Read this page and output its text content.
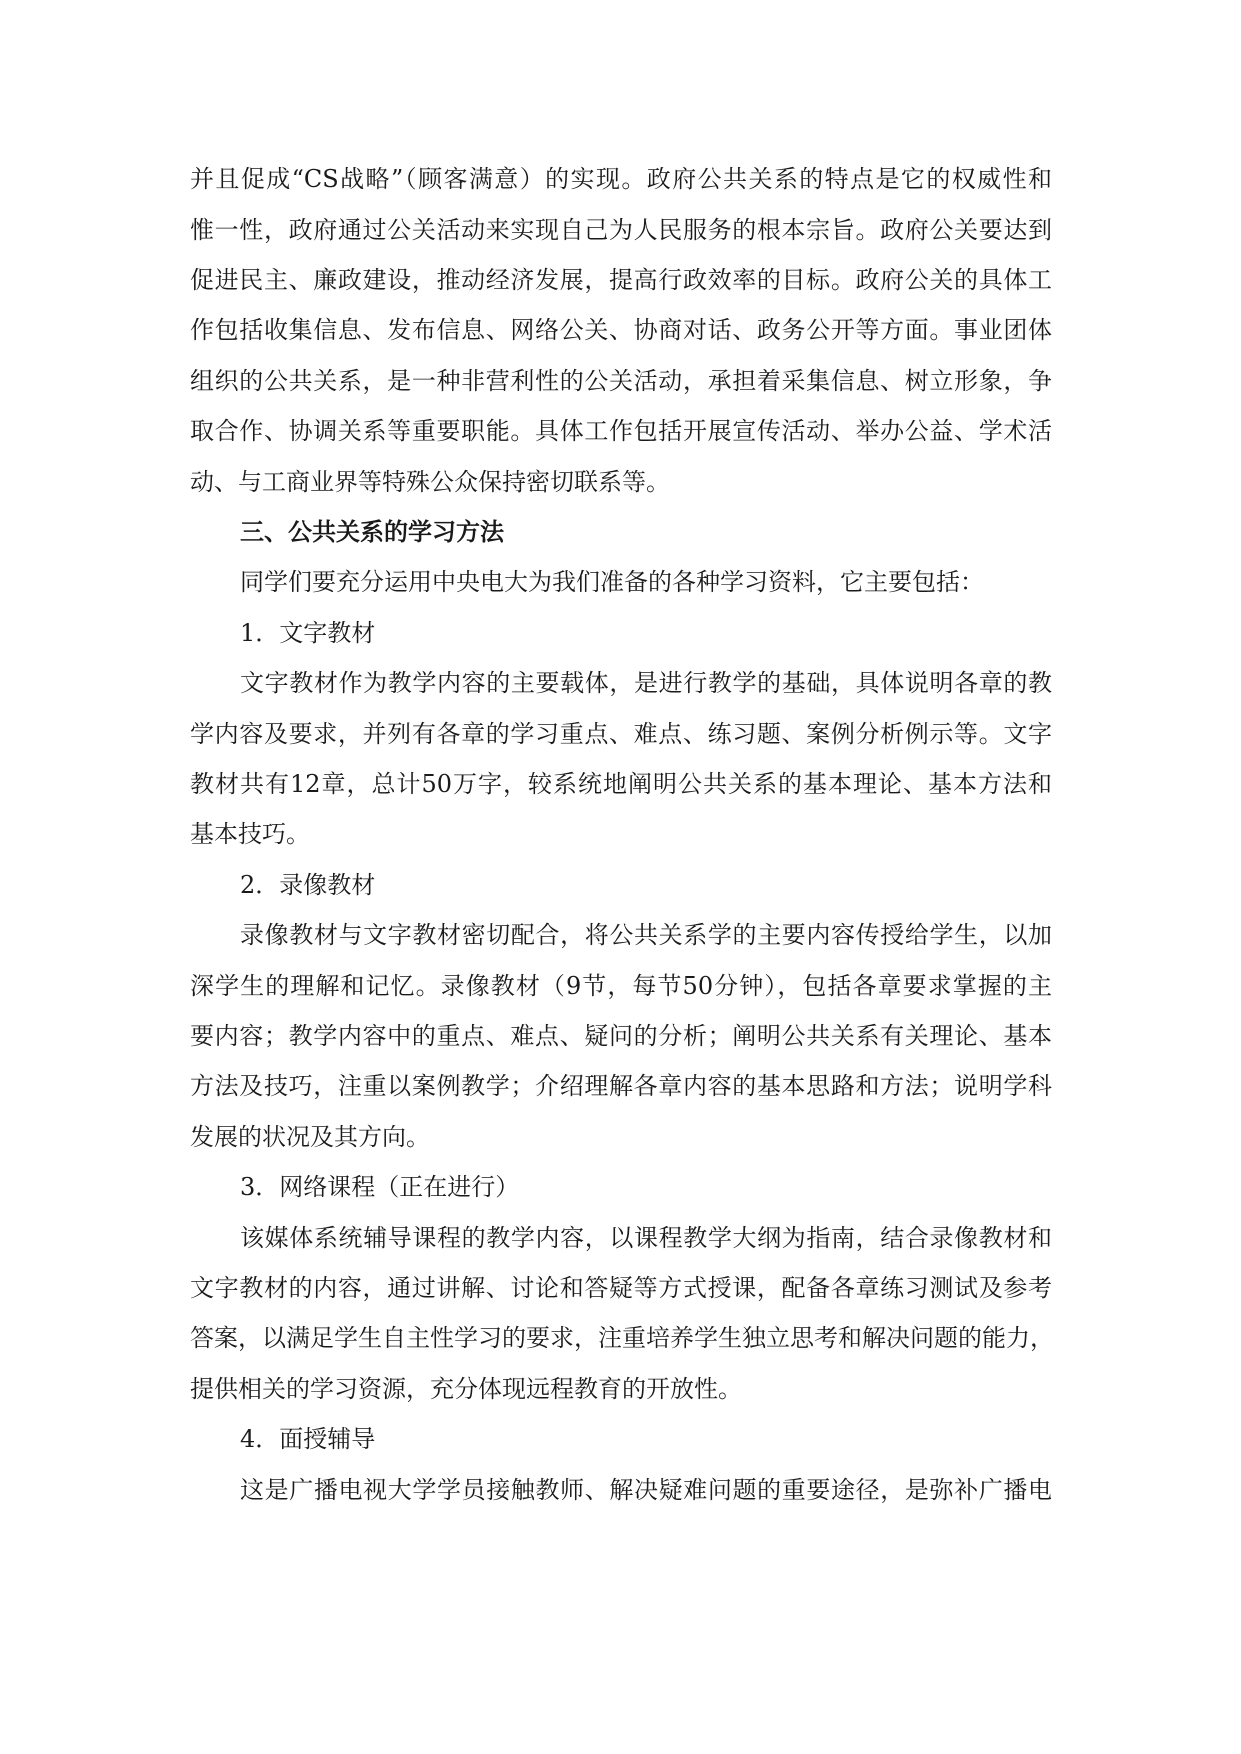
并且促成“CS战略”（顾客满意）的实现。政府公共关系的特点是它的权威性和
惟一性，政府通过公关活动来实现自己为人民服务的根本宗旨。政府公关要达到
促进民主、廉政建设，推动经济发展，提高行政效率的目标。政府公关的具体工
作包括收集信息、发布信息、网络公关、协商对话、政务公开等方面。事业团体
组织的公共关系，是一种非营利性的公关活动，承担着采集信息、树立形象，争
取合作、协调关系等重要职能。具体工作包括开展宣传活动、举办公益、学术活
动、与工商业界等特殊公众保持密切联系等。
三、公共关系的学习方法
同学们要充分运用中央电大为我们准备的各种学习资料，它主要包括：
1．文字教材
文字教材作为教学内容的主要载体，是进行教学的基础，具体说明各章的教
学内容及要求，并列有各章的学习重点、难点、练习题、案例分析例示等。文字
教材共有12章，总计50万字，较系统地阐明公共关系的基本理论、基本方法和
基本技巧。
2．录像教材
录像教材与文字教材密切配合，将公共关系学的主要内容传授给学生，以加
深学生的理解和记忆。录像教材（9节，每节50分钟），包括各章要求掌握的主
要内容；教学内容中的重点、难点、疑问的分析；阐明公共关系有关理论、基本
方法及技巧，注重以案例教学；介绍理解各章内容的基本思路和方法；说明学科
发展的状况及其方向。
3．网络课程（正在进行）
该媒体系统辅导课程的教学内容，以课程教学大纲为指南，结合录像教材和
文字教材的内容，通过讲解、讨论和答疑等方式授课，配备各章练习测试及参考
答案，以满足学生自主性学习的要求，注重培养学生独立思考和解决问题的能力，
提供相关的学习资源，充分体现远程教育的开放性。
4．面授辅导
这是广播电视大学学员接触教师、解决疑难问题的重要途径，是弥补广播电
